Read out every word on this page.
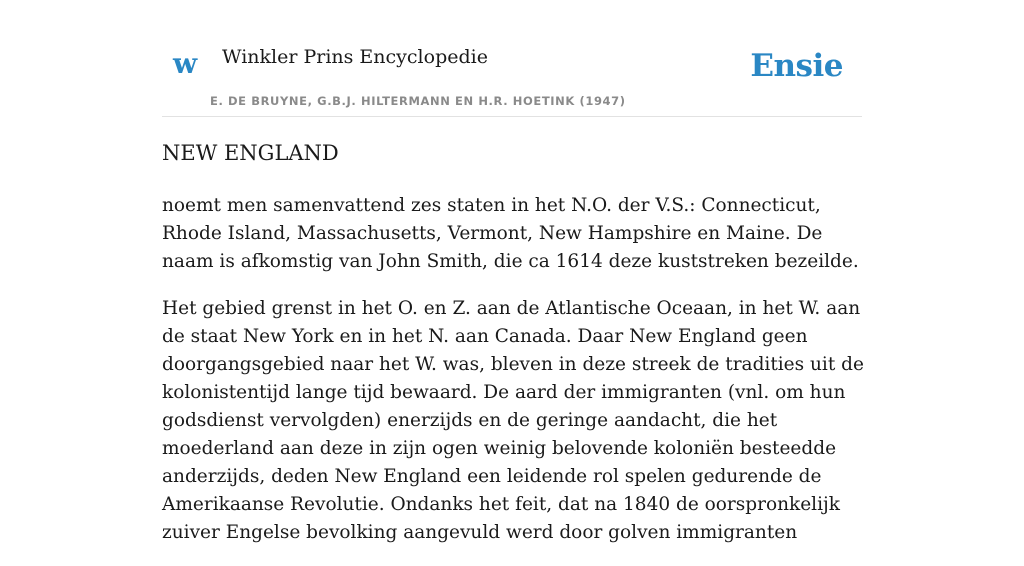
w Winkler Prins Encyclopedie
E. DE BRUYNE, G.B.J. HILTERMANN EN H.R. HOETINK (1947)
Ensie
NEW ENGLAND

noemt men samenvattend zes staten in het N.O. der V.S.: Connecticut, Rhode Island, Massachusetts, Vermont, New Hampshire en Maine. De naam is afkomstig van John Smith, die ca 1614 deze kuststreken bezeilde.

Het gebied grenst in het O. en Z. aan de Atlantische Oceaan, in het W. aan de staat New York en in het N. aan Canada. Daar New England geen doorgangsgebied naar het W. was, bleven in deze streek de tradities uit de kolonistentijd lange tijd bewaard. De aard der immigranten (vnl. om hun godsdienst vervolgden) enerzijds en de geringe aandacht, die het moederland aan deze in zijn ogen weinig belovende koloniën besteedde anderzijds, deden New England een leidende rol spelen gedurende de Amerikaanse Revolutie. Ondanks het feit, dat na 1840 de oorspronkelijk zuiver Engelse bevolking aangevuld werd door golven immigranten
